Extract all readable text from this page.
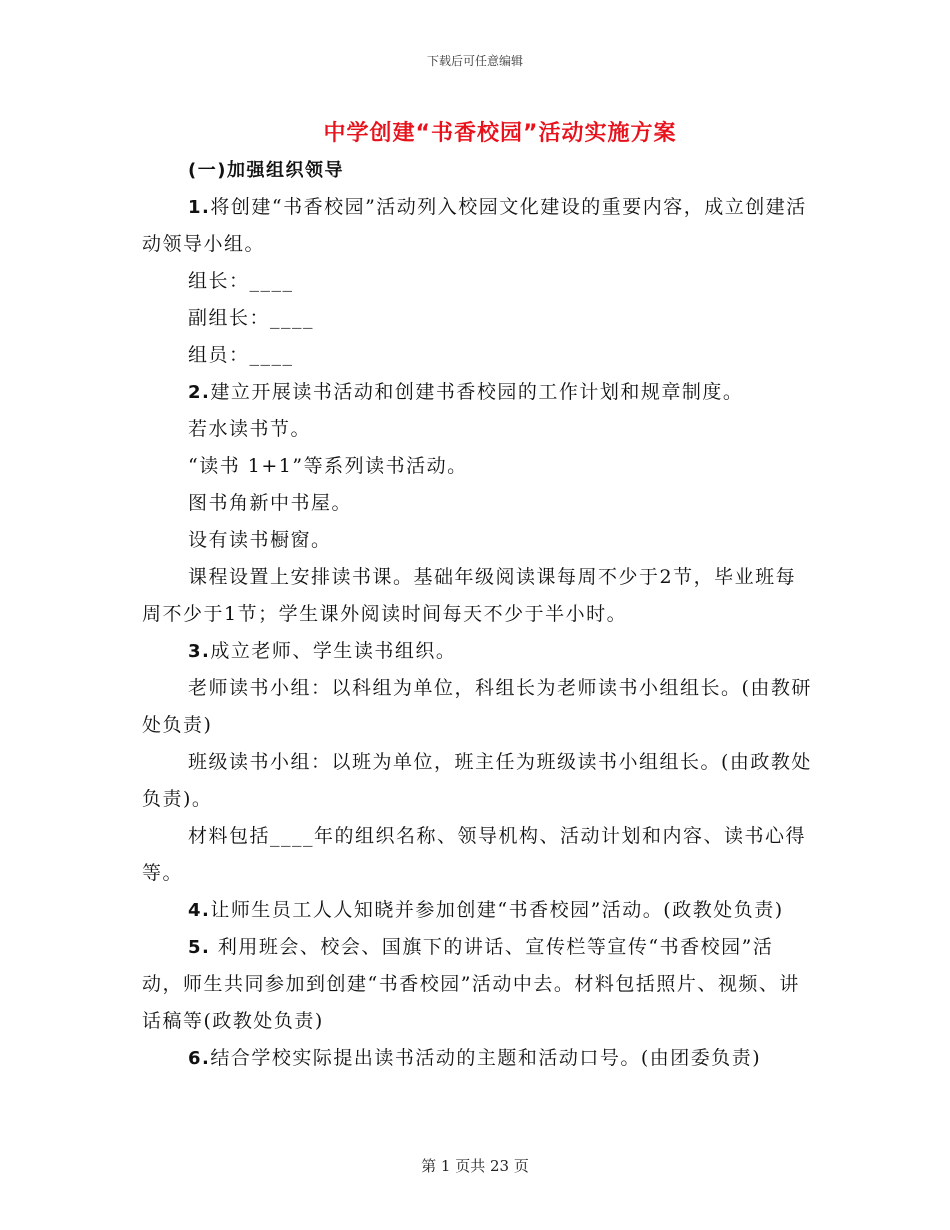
下载后可任意编辑
中学创建“书香校园”活动实施方案

(一)加强组织领导

1.将创建“书香校园”活动列入校园文化建设的重要内容，成立创建活动领导小组。

组长：____

副组长：____

组员：____

2.建立开展读书活动和创建书香校园的工作计划和规章制度。

若水读书节。

“读书 1+1”等系列读书活动。

图书角新中书屋。

设有读书橱窗。

课程设置上安排读书课。基础年级阅读课每周不少于2节，毕业班每周不少于1节；学生课外阅读时间每天不少于半小时。

3.成立老师、学生读书组织。

老师读书小组：以科组为单位，科组长为老师读书小组组长。(由教研处负责)

班级读书小组：以班为单位，班主任为班级读书小组组长。(由政教处负责)。

材料包括____年的组织名称、领导机构、活动计划和内容、读书心得等。

4.让师生员工人人知晓并参加创建“书香校园”活动。(政教处负责)

5. 利用班会、校会、国旗下的讲话、宣传栏等宣传“书香校园”活动，师生共同参加到创建“书香校园”活动中去。材料包括照片、视频、讲话稿等(政教处负责)

6.结合学校实际提出读书活动的主题和活动口号。(由团委负责)

第 1 页共 23 页
